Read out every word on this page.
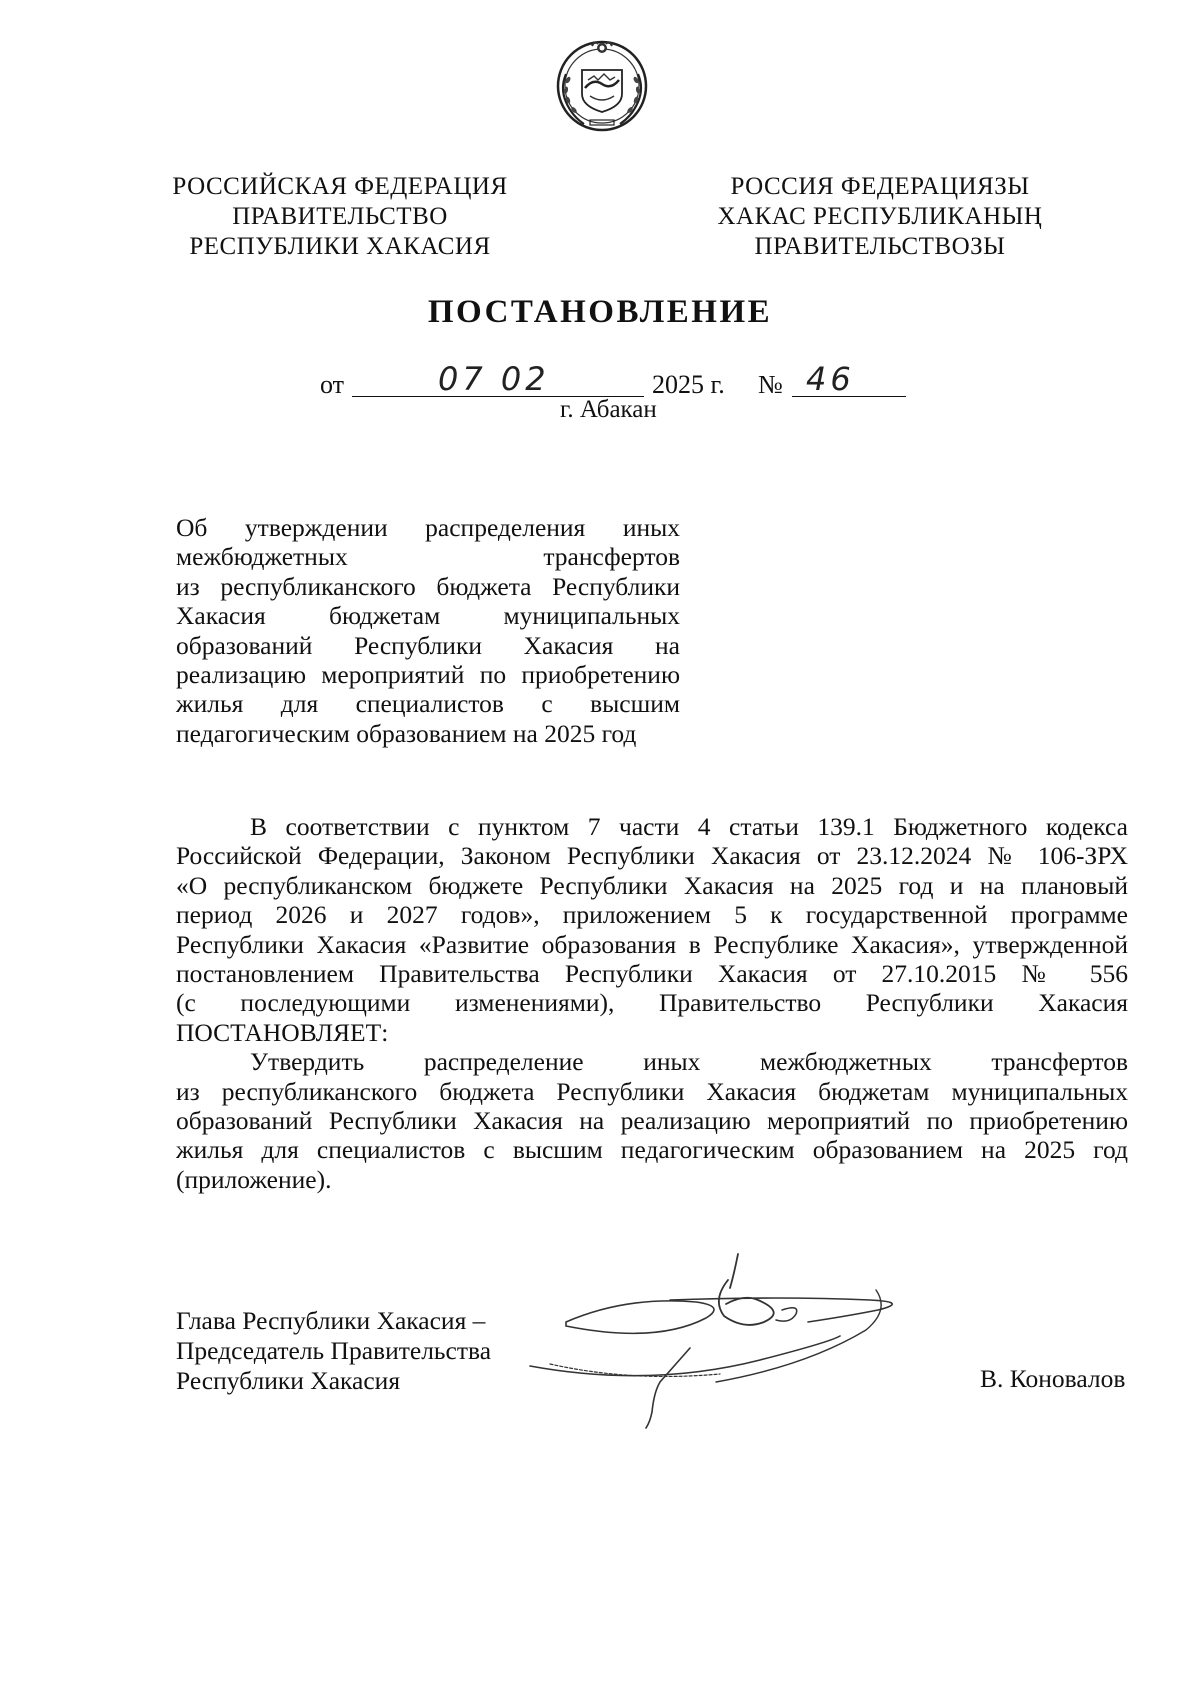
РОССИЙСКАЯ ФЕДЕРАЦИЯ
ПРАВИТЕЛЬСТВО
РЕСПУБЛИКИ ХАКАСИЯ
РОССИЯ ФЕДЕРАЦИЯЗЫ
ХАКАС РЕСПУБЛИКАНЫҢ
ПРАВИТЕЛЬСТВОЗЫ
ПОСТАНОВЛЕНИЕ
от	07 02	2025 г. № 46
г. Абакан
Об утверждении распределения иных
межбюджетных трансфертов
из республиканского бюджета Республики
Хакасия бюджетам муниципальных
образований Республики Хакасия на
реализацию мероприятий по приобретению
жилья для специалистов с высшим
педагогическим образованием на 2025 год
В соответствии с пунктом 7 части 4 статьи 139.1 Бюджетного кодекса
Российской Федерации, Законом Республики Хакасия от 23.12.2024 № 106-ЗРХ
«О республиканском бюджете Республики Хакасия на 2025 год и на плановый
период 2026 и 2027 годов», приложением 5 к государственной программе
Республики Хакасия «Развитие образования в Республике Хакасия», утвержденной
постановлением Правительства Республики Хакасия от 27.10.2015 № 556
(с последующими изменениями), Правительство Республики Хакасия
ПОСТАНОВЛЯЕТ:
Утвердить распределение иных межбюджетных трансфертов
из республиканского бюджета Республики Хакасия бюджетам муниципальных
образований Республики Хакасия на реализацию мероприятий по приобретению
жилья для специалистов с высшим педагогическим образованием на 2025 год
(приложение).
Глава Республики Хакасия –
Председатель Правительства
Республики Хакасия	В. Коновалов
